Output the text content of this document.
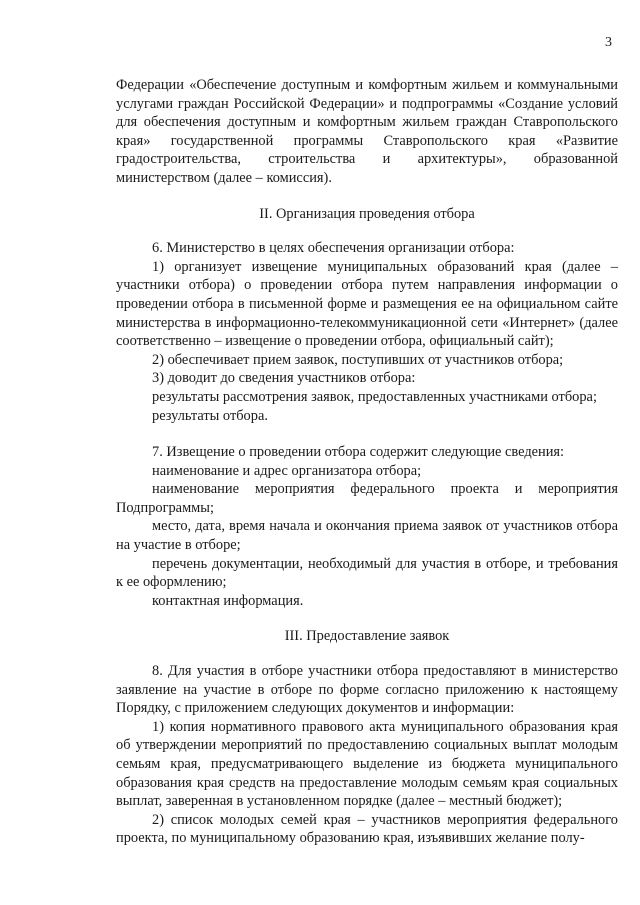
3

Федерации «Обеспечение доступным и комфортным жильем и коммунальными услугами граждан Российской Федерации» и подпрограммы «Создание условий для обеспечения доступным и комфортным жильем граждан Ставропольского края» государственной программы Ставропольского края «Развитие градостроительства, строительства и архитектуры», образованной министерством (далее – комиссия).

II. Организация проведения отбора

6. Министерство в целях обеспечения организации отбора:

1) организует извещение муниципальных образований края (далее – участники отбора) о проведении отбора путем направления информации о проведении отбора в письменной форме и размещения ее на официальном сайте министерства в информационно-телекоммуникационной сети «Интернет» (далее соответственно – извещение о проведении отбора, официальный сайт);

2) обеспечивает прием заявок, поступивших от участников отбора;

3) доводит до сведения участников отбора:

результаты рассмотрения заявок, предоставленных участниками отбора;

результаты отбора.

7. Извещение о проведении отбора содержит следующие сведения:

наименование и адрес организатора отбора;

наименование мероприятия федерального проекта и мероприятия Подпрограммы;

место, дата, время начала и окончания приема заявок от участников отбора на участие в отборе;

перечень документации, необходимый для участия в отборе, и требования к ее оформлению;

контактная информация.

III. Предоставление заявок

8. Для участия в отборе участники отбора предоставляют в министерство заявление на участие в отборе по форме согласно приложению к настоящему Порядку, с приложением следующих документов и информации:

1) копия нормативного правового акта муниципального образования края об утверждении мероприятий по предоставлению социальных выплат молодым семьям края, предусматривающего выделение из бюджета муниципального образования края средств на предоставление молодым семьям края социальных выплат, заверенная в установленном порядке (далее – местный бюджет);

2) список молодых семей края – участников мероприятия федерального проекта, по муниципальному образованию края, изъявивших желание полу-
